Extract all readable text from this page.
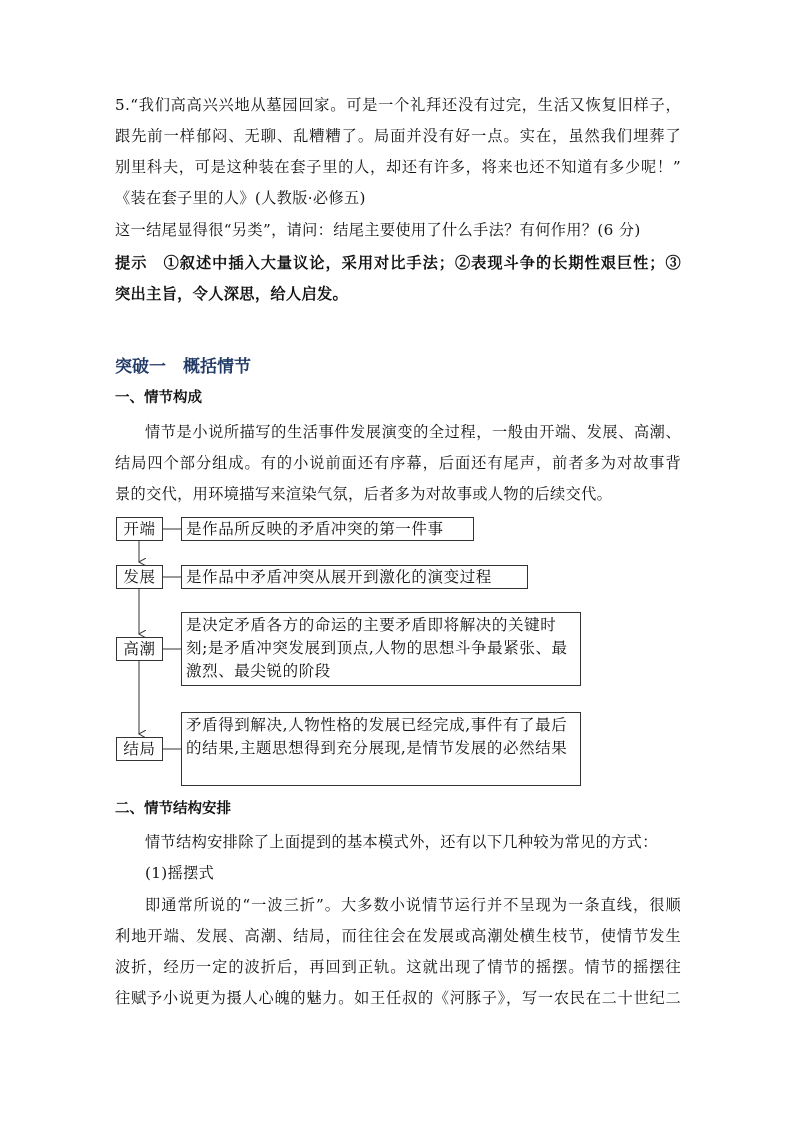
5.“我们高高兴兴地从墓园回家。可是一个礼拜还没有过完，生活又恢复旧样子，
跟先前一样郁闷、无聊、乱糟糟了。局面并没有好一点。实在，虽然我们埋葬了
别里科夫，可是这种装在套子里的人，却还有许多，将来也还不知道有多少呢！”
《装在套子里的人》(人教版·必修五)
这一结尾显得很“另类”，请问：结尾主要使用了什么手法？有何作用？(6 分)
提示　①叙述中插入大量议论，采用对比手法；②表现斗争的长期性艰巨性；③
突出主旨，令人深思，给人启发。
突破一　概括情节
一、情节构成
情节是小说所描写的生活事件发展演变的全过程，一般由开端、发展、高潮、
结局四个部分组成。有的小说前面还有序幕，后面还有尾声，前者多为对故事背
景的交代，用环境描写来渲染气氛，后者多为对故事或人物的后续交代。
开端
发展
高潮
结局
是作品所反映的矛盾冲突的第一件事
是作品中矛盾冲突从展开到激化的演变过程
是决定矛盾各方的命运的主要矛盾即将解决的关键时刻;是矛盾冲突发展到顶点,人物的思想斗争最紧张、最激烈、最尖锐的阶段
矛盾得到解决,人物性格的发展已经完成,事件有了最后的结果,主题思想得到充分展现,是情节发展的必然结果
二、情节结构安排
情节结构安排除了上面提到的基本模式外，还有以下几种较为常见的方式：
(1)摇摆式
即通常所说的“一波三折”。大多数小说情节运行并不呈现为一条直线，很顺
利地开端、发展、高潮、结局，而往往会在发展或高潮处横生枝节，使情节发生
波折，经历一定的波折后，再回到正轨。这就出现了情节的摇摆。情节的摇摆往
往赋予小说更为摄人心魄的魅力。如王任叔的《河豚子》，写一农民在二十世纪二
